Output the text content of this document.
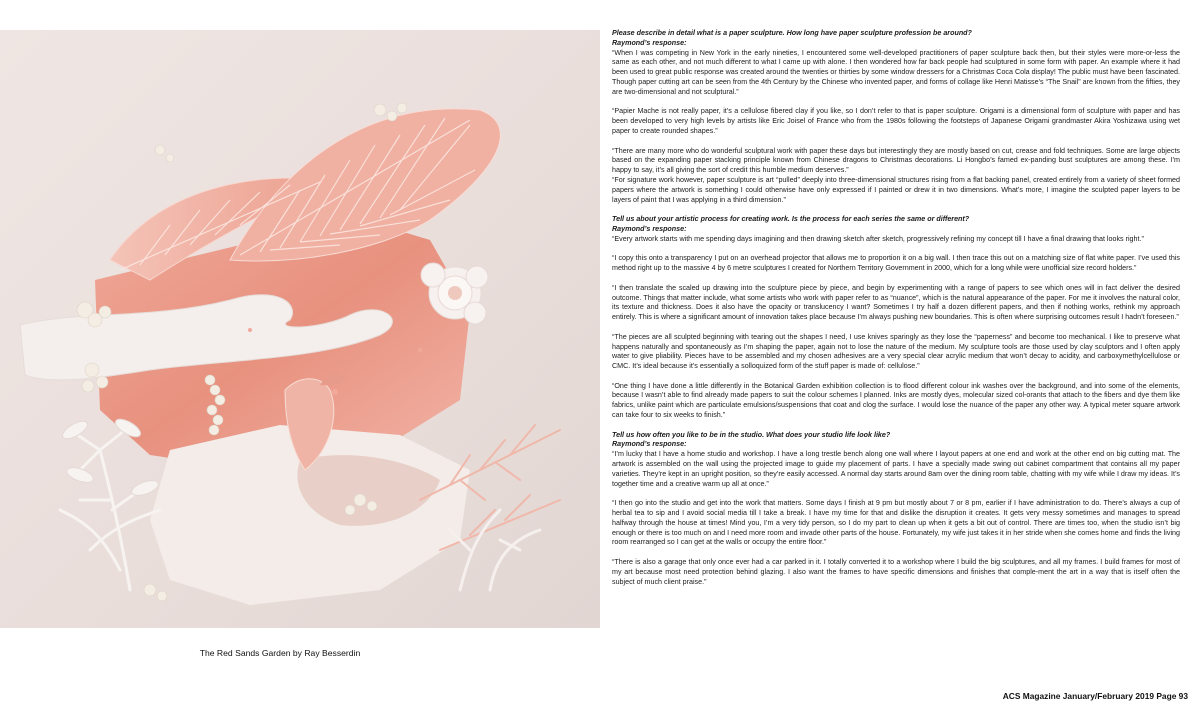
The Red Sands Garden by Ray Besserdin

Please describe in detail what is a paper sculpture. How long have paper sculpture profession be around?

Raymond’s response:

“When I was competing in New York in the early nineties, I encountered some well-developed practitioners of paper sculpture back then, but their styles were more-or-less the same as each other, and not much different to what I came up with alone. I then wondered how far back people had sculptured in some form with paper. An example where it had been used to great public response was created around the twenties or thirties by some window dressers for a Christmas Coca Cola display! The public must have been fascinated. Though paper cutting art can be seen from the 4th Century by the Chinese who invented paper, and forms of collage like Henri Matisse’s “The Snail” are known from the fifties, they are two-dimensional and not sculptural.”

“Papier Mache is not really paper, it’s a cellulose fibered clay if you like, so I don’t refer to that is paper sculpture. Origami is a dimensional form of sculpture with paper and has been developed to very high levels by artists like Eric Joisel of France who from the 1980s following the footsteps of Japanese Origami grandmaster Akira Yoshizawa using wet paper to create rounded shapes.”

“There are many more who do wonderful sculptural work with paper these days but interestingly they are mostly based on cut, crease and fold techniques. Some are large objects based on the expanding paper stacking principle known from Chinese dragons to Christmas decorations. Li Hongbo’s famed ex-panding bust sculptures are among these. I’m happy to say, it’s all giving the sort of credit this humble medium deserves.”

“For signature work however, paper sculpture is art “pulled” deeply into three-dimensional structures rising from a flat backing panel, created entirely from a variety of sheet formed papers where the artwork is something I could otherwise have only expressed if I painted or drew it in two dimensions. What’s more, I imagine the sculpted paper layers to be layers of paint that I was applying in a third dimension.”

Tell us about your artistic process for creating work. Is the process for each series the same or different?

Raymond’s response:

“Every artwork starts with me spending days imagining and then drawing sketch after sketch, progressively refining my concept till I have a final drawing that looks right.”

“I copy this onto a transparency I put on an overhead projector that allows me to proportion it on a big wall. I then trace this out on a matching size of flat white paper. I’ve used this method right up to the massive 4 by 6 metre sculptures I created for Northern Territory Government in 2000, which for a long while were unofficial size record holders.”

“I then translate the scaled up drawing into the sculpture piece by piece, and begin by experimenting with a range of papers to see which ones will in fact deliver the desired outcome. Things that matter include, what some artists who work with paper refer to as “nuance”, which is the natural appearance of the paper. For me it involves the natural color, its texture and thickness. Does it also have the opacity or translucency I want? Sometimes I try half a dozen different papers, and then if nothing works, rethink my approach entirely. This is where a significant amount of innovation takes place because I’m always pushing new boundaries. This is often where surprising outcomes result I hadn’t foreseen.”

“The pieces are all sculpted beginning with tearing out the shapes I need, I use knives sparingly as they lose the “paperness” and become too mechanical. I like to preserve what happens naturally and spontaneously as I’m shaping the paper, again not to lose the nature of the medium. My sculpture tools are those used by clay sculptors and I often apply water to give pliability. Pieces have to be assembled and my chosen adhesives are a very special clear acrylic medium that won’t decay to acidity, and carboxymethylcellulose or CMC. It’s ideal because it’s essentially a solloquized form of the stuff paper is made of: cellulose.”

“One thing I have done a little differently in the Botanical Garden exhibition collection is to flood different colour ink washes over the background, and into some of the elements, because I wasn’t able to find already made papers to suit the colour schemes I planned. Inks are mostly dyes, molecular sized col-orants that attach to the fibers and dye them like fabrics, unlike paint which are particulate emulsions/suspensions that coat and clog the surface. I would lose the nuance of the paper any other way. A typical meter square artwork can take four to six weeks to finish.”

Tell us how often you like to be in the studio. What does your studio life look like?

Raymond’s response:

“I’m lucky that I have a home studio and workshop. I have a long trestle bench along one wall where I layout papers at one end and work at the other end on big cutting mat. The artwork is assembled on the wall using the projected image to guide my placement of parts. I have a specially made swing out cabinet compartment that contains all my paper varieties. They’re kept in an upright position, so they’re easily accessed. A normal day starts around 8am over the dining room table, chatting with my wife while I draw my ideas. It’s together time and a creative warm up all at once.”

“I then go into the studio and get into the work that matters. Some days I finish at 9 pm but mostly about 7 or 8 pm, earlier if I have administration to do. There’s always a cup of herbal tea to sip and I avoid social media till I take a break. I have my time for that and dislike the disruption it creates. It gets very messy sometimes and manages to spread halfway through the house at times! Mind you, I’m a very tidy person, so I do my part to clean up when it gets a bit out of control. There are times too, when the studio isn’t big enough or there is too much on and I need more room and invade other parts of the house. Fortunately, my wife just takes it in her stride when she comes home and finds the living room rearranged so I can get at the walls or occupy the entire floor.”

“There is also a garage that only once ever had a car parked in it. I totally converted it to a workshop where I build the big sculptures, and all my frames. I build frames for most of my art because most need protection behind glazing. I also want the frames to have specific dimensions and finishes that comple-ment the art in a way that is itself often the subject of much client praise.”

ACS Magazine January/February 2019 Page 93
